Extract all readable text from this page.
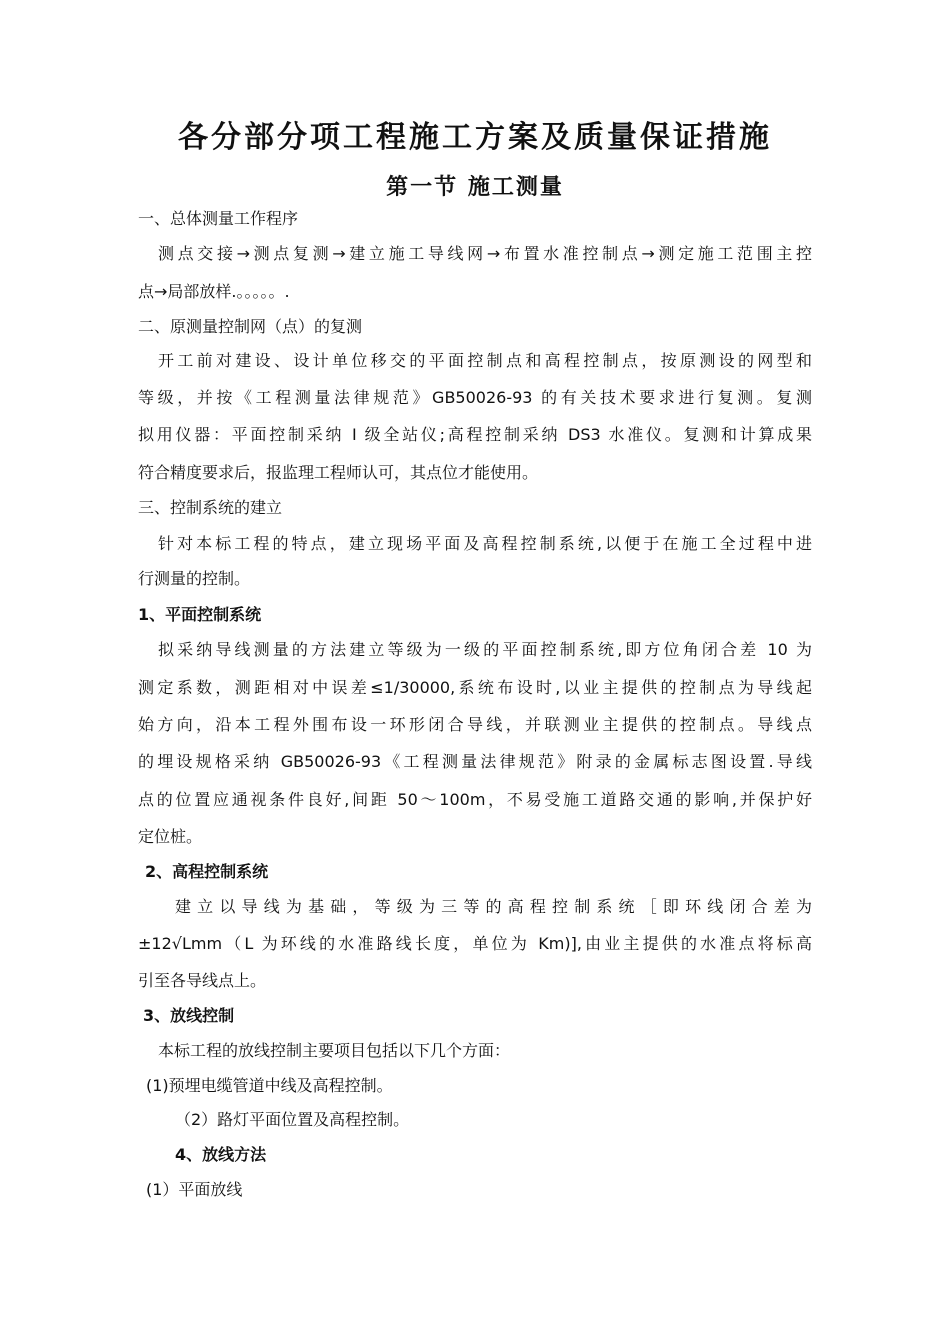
各分部分项工程施工方案及质量保证措施
第一节 施工测量

一、总体测量工作程序

测点交接→测点复测→建立施工导线网→布置水准控制点→测定施工范围主控

点→局部放样.。。。。。.

二、原测量控制网（点）的复测

开工前对建设、设计单位移交的平面控制点和高程控制点，按原测设的网型和

等级，并按《工程测量法律规范》GB50026-93 的有关技术要求进行复测。复测

拟用仪器：平面控制采纳 I 级全站仪;高程控制采纳 DS3 水准仪。复测和计算成果

符合精度要求后，报监理工程师认可，其点位才能使用。

三、控制系统的建立

针对本标工程的特点，建立现场平面及高程控制系统,以便于在施工全过程中进

行测量的控制。

1、平面控制系统

拟采纳导线测量的方法建立等级为一级的平面控制系统,即方位角闭合差 10 为

测定系数，测距相对中误差≤1/30000,系统布设时,以业主提供的控制点为导线起

始方向，沿本工程外围布设一环形闭合导线，并联测业主提供的控制点。导线点

的埋设规格采纳 GB50026-93《工程测量法律规范》附录的金属标志图设置.导线

点的位置应通视条件良好,间距 50～100m，不易受施工道路交通的影响,并保护好

定位桩。

2、高程控制系统

建立以导线为基础，等级为三等的高程控制系统［即环线闭合差为

±12√Lmm（L 为环线的水准路线长度，单位为 Km)],由业主提供的水准点将标高

引至各导线点上。

3、放线控制

本标工程的放线控制主要项目包括以下几个方面：

(1)预埋电缆管道中线及高程控制。

（2）路灯平面位置及高程控制。

4、放线方法

(1）平面放线
